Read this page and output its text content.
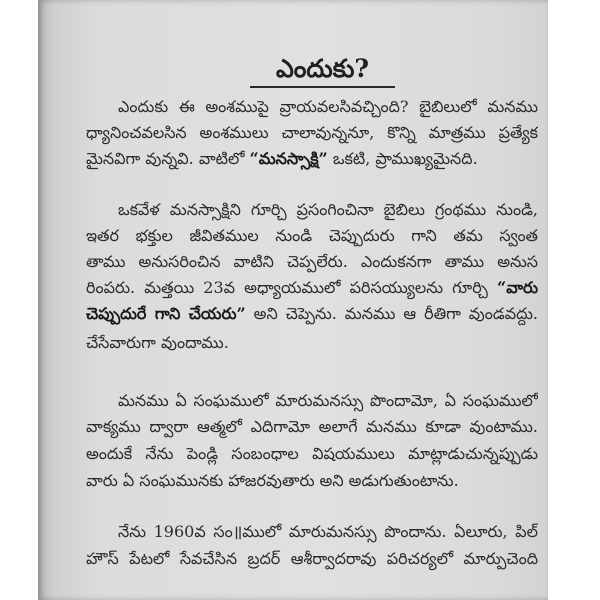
ఎందుకు?
ఎందుకు ఈ అంశముపై వ్రాయవలసివచ్చింది? బైబిలులో మనము
ధ్యానించవలసిన అంశములు చాలావున్ననూ, కొన్ని మాత్రము ప్రత్యేక
మైనవిగా వున్నవి. వాటిలో “మనస్సాక్షి” ఒకటి, ప్రాముఖ్యమైనది.
ఒకవేళ మనస్సాక్షిని గూర్చి ప్రసంగించినా బైబిలు గ్రంథము నుండి,
ఇతర భక్తుల జీవితముల నుండి చెప్పుదురు గాని తమ స్వంత
తాము అనుసరించిన వాటిని చెప్పలేరు. ఎందుకనగా తాము అనుస
రింపరు. మత్తయి 23వ అధ్యాయములో పరిసయ్యులను గూర్చి “వారు
చెప్పుదురే గాని చేయరు” అని చెప్పెను. మనము ఆ రీతిగా వుండవద్దు.
చేసేవారుగా వుందాము.
మనము ఏ సంఘములో మారుమనస్సు పొందామో, ఏ సంఘములో
వాక్యము ద్వారా ఆత్మలో ఎదిగామో అలాగే మనము కూడా వుంటాము.
అందుకే నేను పెండ్లి సంబంధాల విషయములు మాట్లాడుచున్నప్పుడు
వారు ఏ సంఘమునకు హాజరవుతారు అని అడుగుతుంటాను.
నేను 1960వ సం॥ములో మారుమనస్సు పొందాను. ఏలూరు, పిల్
హౌస్ పేటలో సేవచేసిన బ్రదర్ ఆశీర్వాదరావు పరిచర్యలో మార్పుచెంది
